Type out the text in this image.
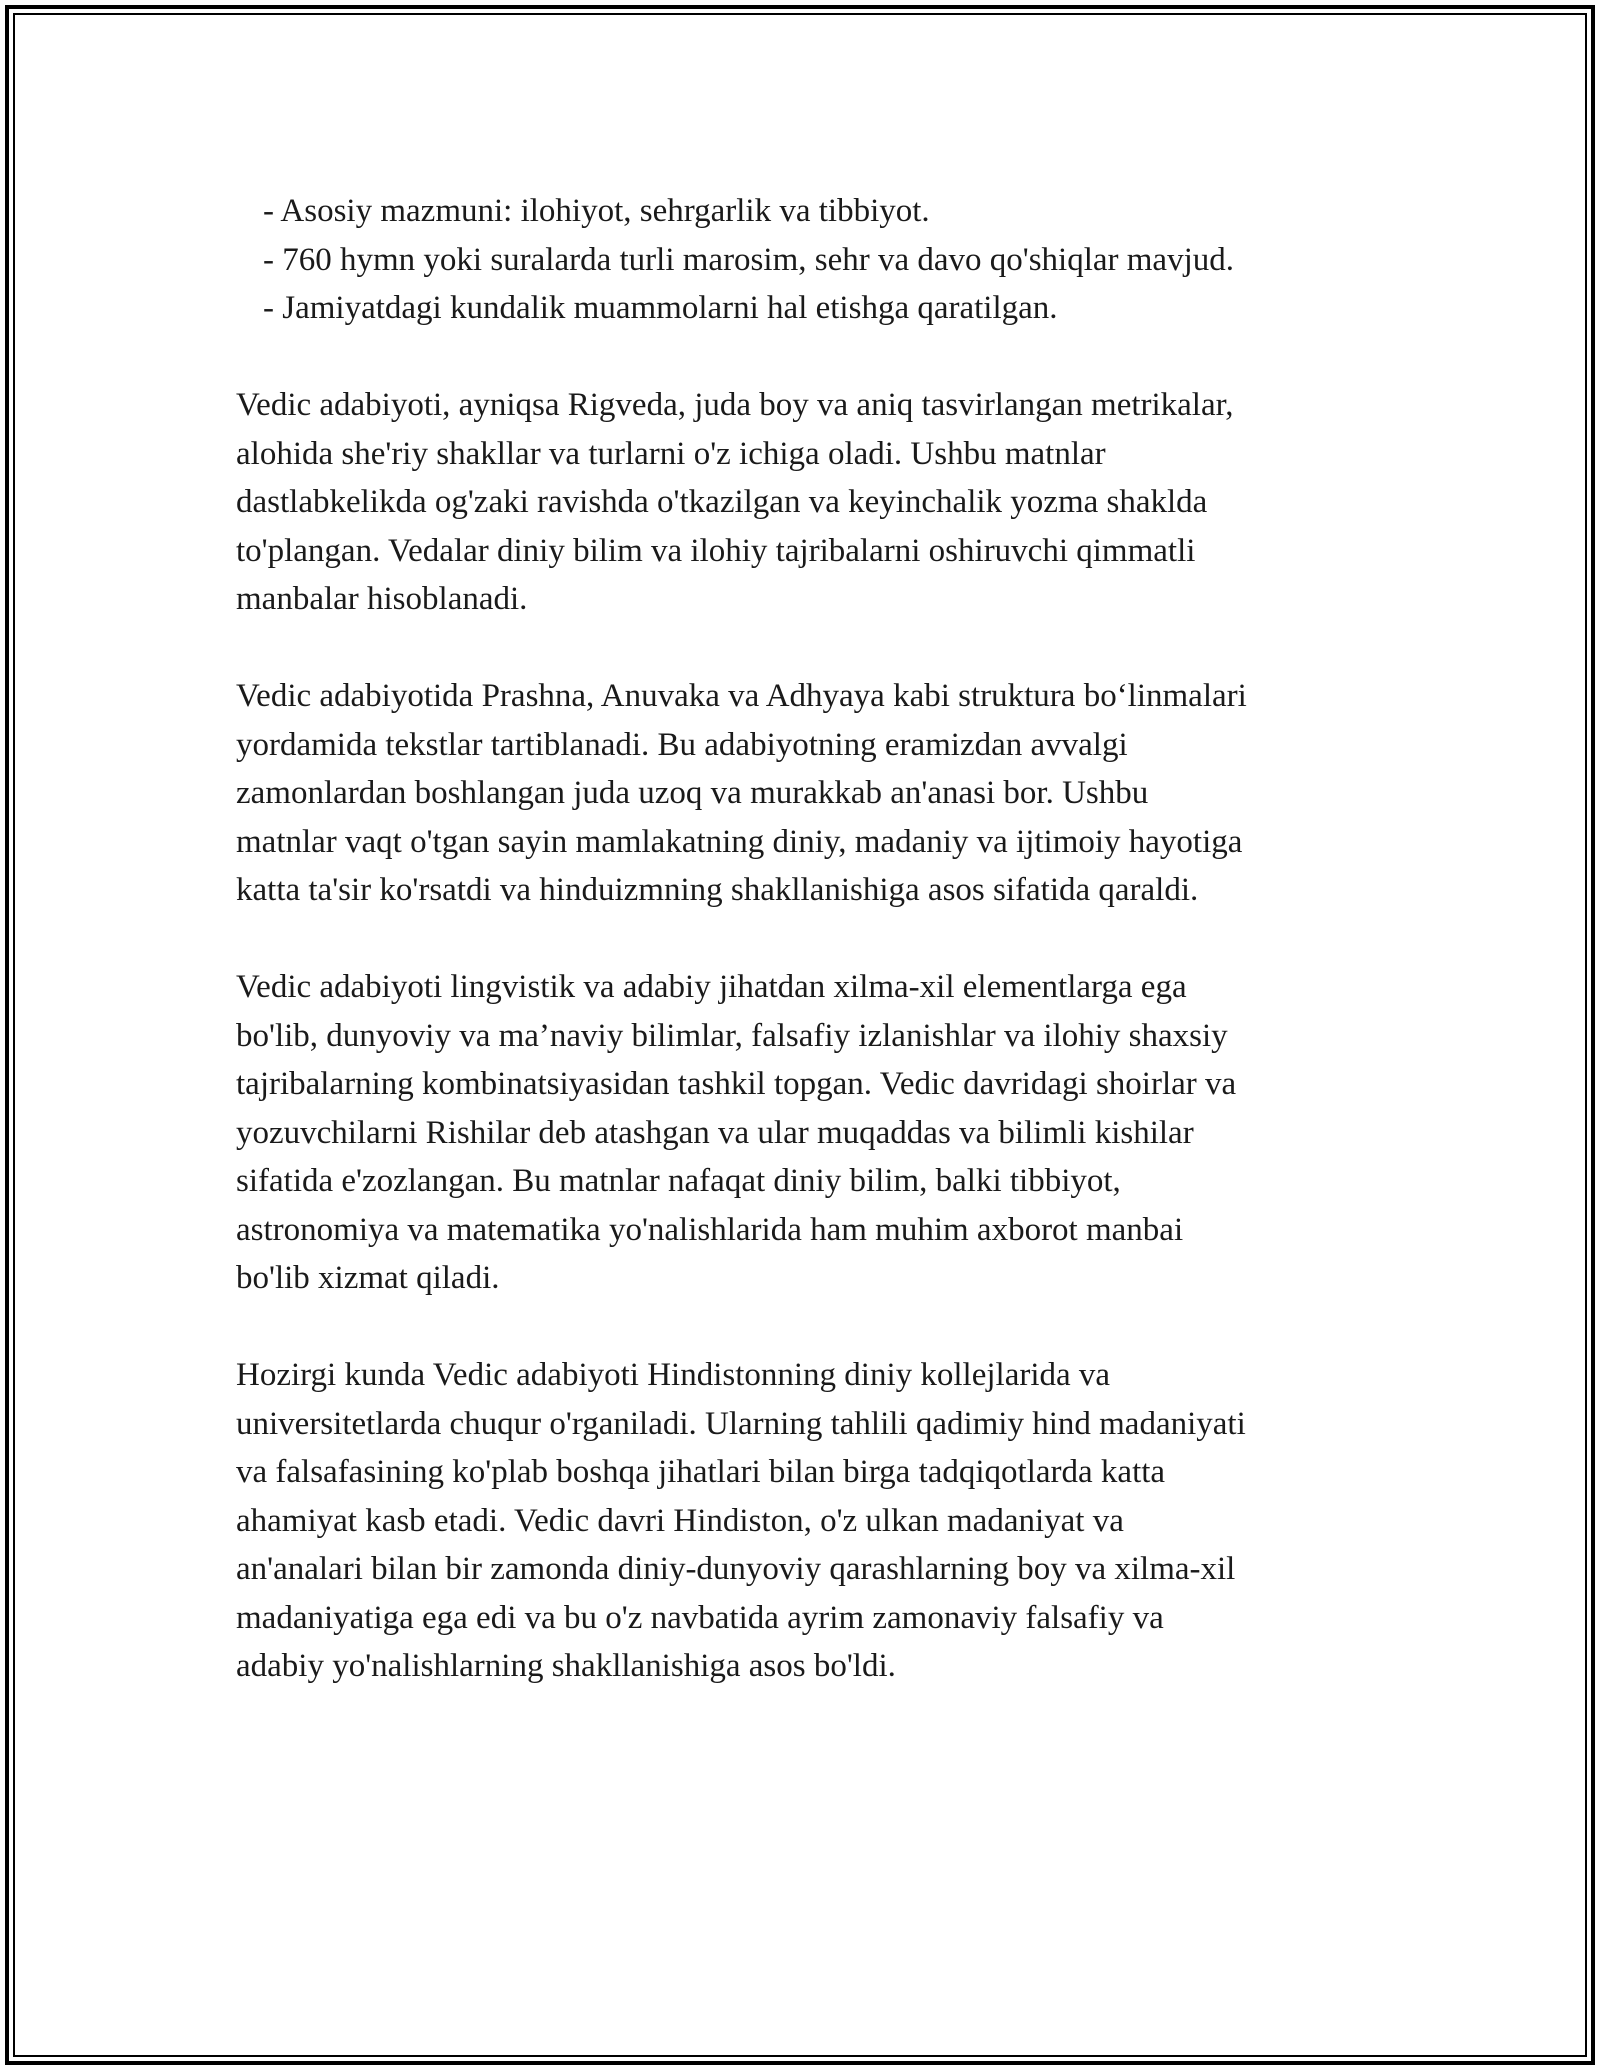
- Asosiy mazmuni: ilohiyot, sehrgarlik va tibbiyot.
- 760 hymn yoki suralarda turli marosim, sehr va davo qo'shiqlar mavjud.
- Jamiyatdagi kundalik muammolarni hal etishga qaratilgan.

Vedic adabiyoti, ayniqsa Rigveda, juda boy va aniq tasvirlangan metrikalar,
alohida she'riy shakllar va turlarni o'z ichiga oladi. Ushbu matnlar
dastlabkelikda og'zaki ravishda o'tkazilgan va keyinchalik yozma shaklda
to'plangan. Vedalar diniy bilim va ilohiy tajribalarni oshiruvchi qimmatli
manbalar hisoblanadi.

Vedic adabiyotida Prashna, Anuvaka va Adhyaya kabi struktura bo‘linmalari
yordamida tekstlar tartiblanadi. Bu adabiyotning eramizdan avvalgi
zamonlardan boshlangan juda uzoq va murakkab an'anasi bor. Ushbu
matnlar vaqt o'tgan sayin mamlakatning diniy, madaniy va ijtimoiy hayotiga
katta ta'sir ko'rsatdi va hinduizmning shakllanishiga asos sifatida qaraldi.

Vedic adabiyoti lingvistik va adabiy jihatdan xilma-xil elementlarga ega
bo'lib, dunyoviy va ma’naviy bilimlar, falsafiy izlanishlar va ilohiy shaxsiy
tajribalarning kombinatsiyasidan tashkil topgan. Vedic davridagi shoirlar va
yozuvchilarni Rishilar deb atashgan va ular muqaddas va bilimli kishilar
sifatida e'zozlangan. Bu matnlar nafaqat diniy bilim, balki tibbiyot,
astronomiya va matematika yo'nalishlarida ham muhim axborot manbai
bo'lib xizmat qiladi.

Hozirgi kunda Vedic adabiyoti Hindistonning diniy kollejlarida va
universitetlarda chuqur o'rganiladi. Ularning tahlili qadimiy hind madaniyati
va falsafasining ko'plab boshqa jihatlari bilan birga tadqiqotlarda katta
ahamiyat kasb etadi. Vedic davri Hindiston, o'z ulkan madaniyat va
an'analari bilan bir zamonda diniy-dunyoviy qarashlarning boy va xilma-xil
madaniyatiga ega edi va bu o'z navbatida ayrim zamonaviy falsafiy va
adabiy yo'nalishlarning shakllanishiga asos bo'ldi.
